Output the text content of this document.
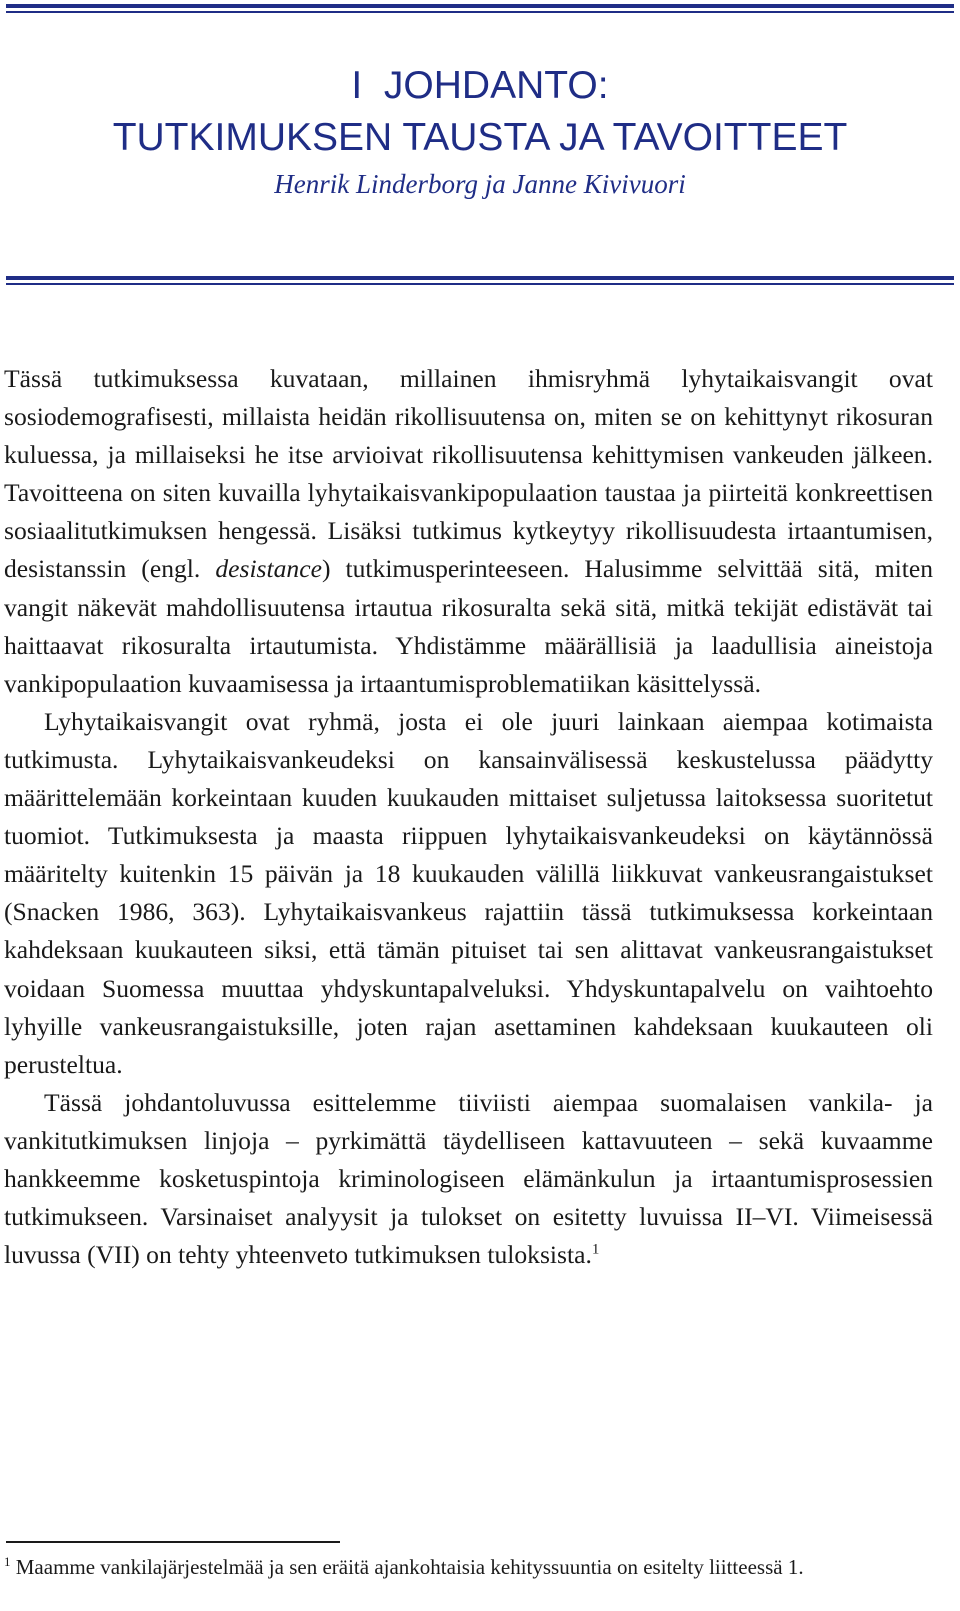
I  JOHDANTO:
TUTKIMUKSEN TAUSTA JA TAVOITTEET
Henrik Linderborg ja Janne Kivivuori

Tässä tutkimuksessa kuvataan, millainen ihmisryhmä lyhytaikaisvangit ovat sosiodemografisesti, millaista heidän rikollisuutensa on, miten se on kehittynyt rikosuran kuluessa, ja millaiseksi he itse arvioivat rikollisuutensa kehittymisen vankeuden jälkeen. Tavoitteena on siten kuvailla lyhytaikaisvankipopulaation taustaa ja piirteitä konkreettisen sosiaalitutkimuksen hengessä. Lisäksi tutkimus kytkeytyy rikollisuudesta irtaantumisen, desistanssin (engl. desistance) tutkimusperinteeseen. Halusimme selvittää sitä, miten vangit näkevät mahdollisuutensa irtautua rikosuralta sekä sitä, mitkä tekijät edistävät tai haittaavat rikosuralta irtautumista. Yhdistämme määrällisiä ja laadullisia aineistoja vankipopulaation kuvaamisessa ja irtaantumisproblematiikan käsittelyssä.

Lyhytaikaisvangit ovat ryhmä, josta ei ole juuri lainkaan aiempaa kotimaista tutkimusta. Lyhytaikaisvankeudeksi on kansainvälisessä keskustelussa päädytty määrittelemään korkeintaan kuuden kuukauden mittaiset suljetussa laitoksessa suoritetut tuomiot. Tutkimuksesta ja maasta riippuen lyhytaikaisvankeudeksi on käytännössä määritelty kuitenkin 15 päivän ja 18 kuukauden välillä liikkuvat vankeusrangaistukset (Snacken 1986, 363). Lyhytaikaisvankeus rajattiin tässä tutkimuksessa korkeintaan kahdeksaan kuukauteen siksi, että tämän pituiset tai sen alittavat vankeusrangaistukset voidaan Suomessa muuttaa yhdyskuntapalveluksi. Yhdyskuntapalvelu on vaihtoehto lyhyille vankeusrangaistuksille, joten rajan asettaminen kahdeksaan kuukauteen oli perusteltua.

Tässä johdantoluvussa esittelemme tiiviisti aiempaa suomalaisen vankila- ja vankitutkimuksen linjoja – pyrkimättä täydelliseen kattavuuteen – sekä kuvaamme hankkeemme kosketuspintoja kriminologiseen elämänkulun ja irtaantumisprosessien tutkimukseen. Varsinaiset analyysit ja tulokset on esitetty luvuissa II–VI. Viimeisessä luvussa (VII) on tehty yhteenveto tutkimuksen tuloksista.$^1$

$^1$ Maamme vankilajärjestelmää ja sen eräitä ajankohtaisia kehityssuuntia on esitelty liitteessä 1.
